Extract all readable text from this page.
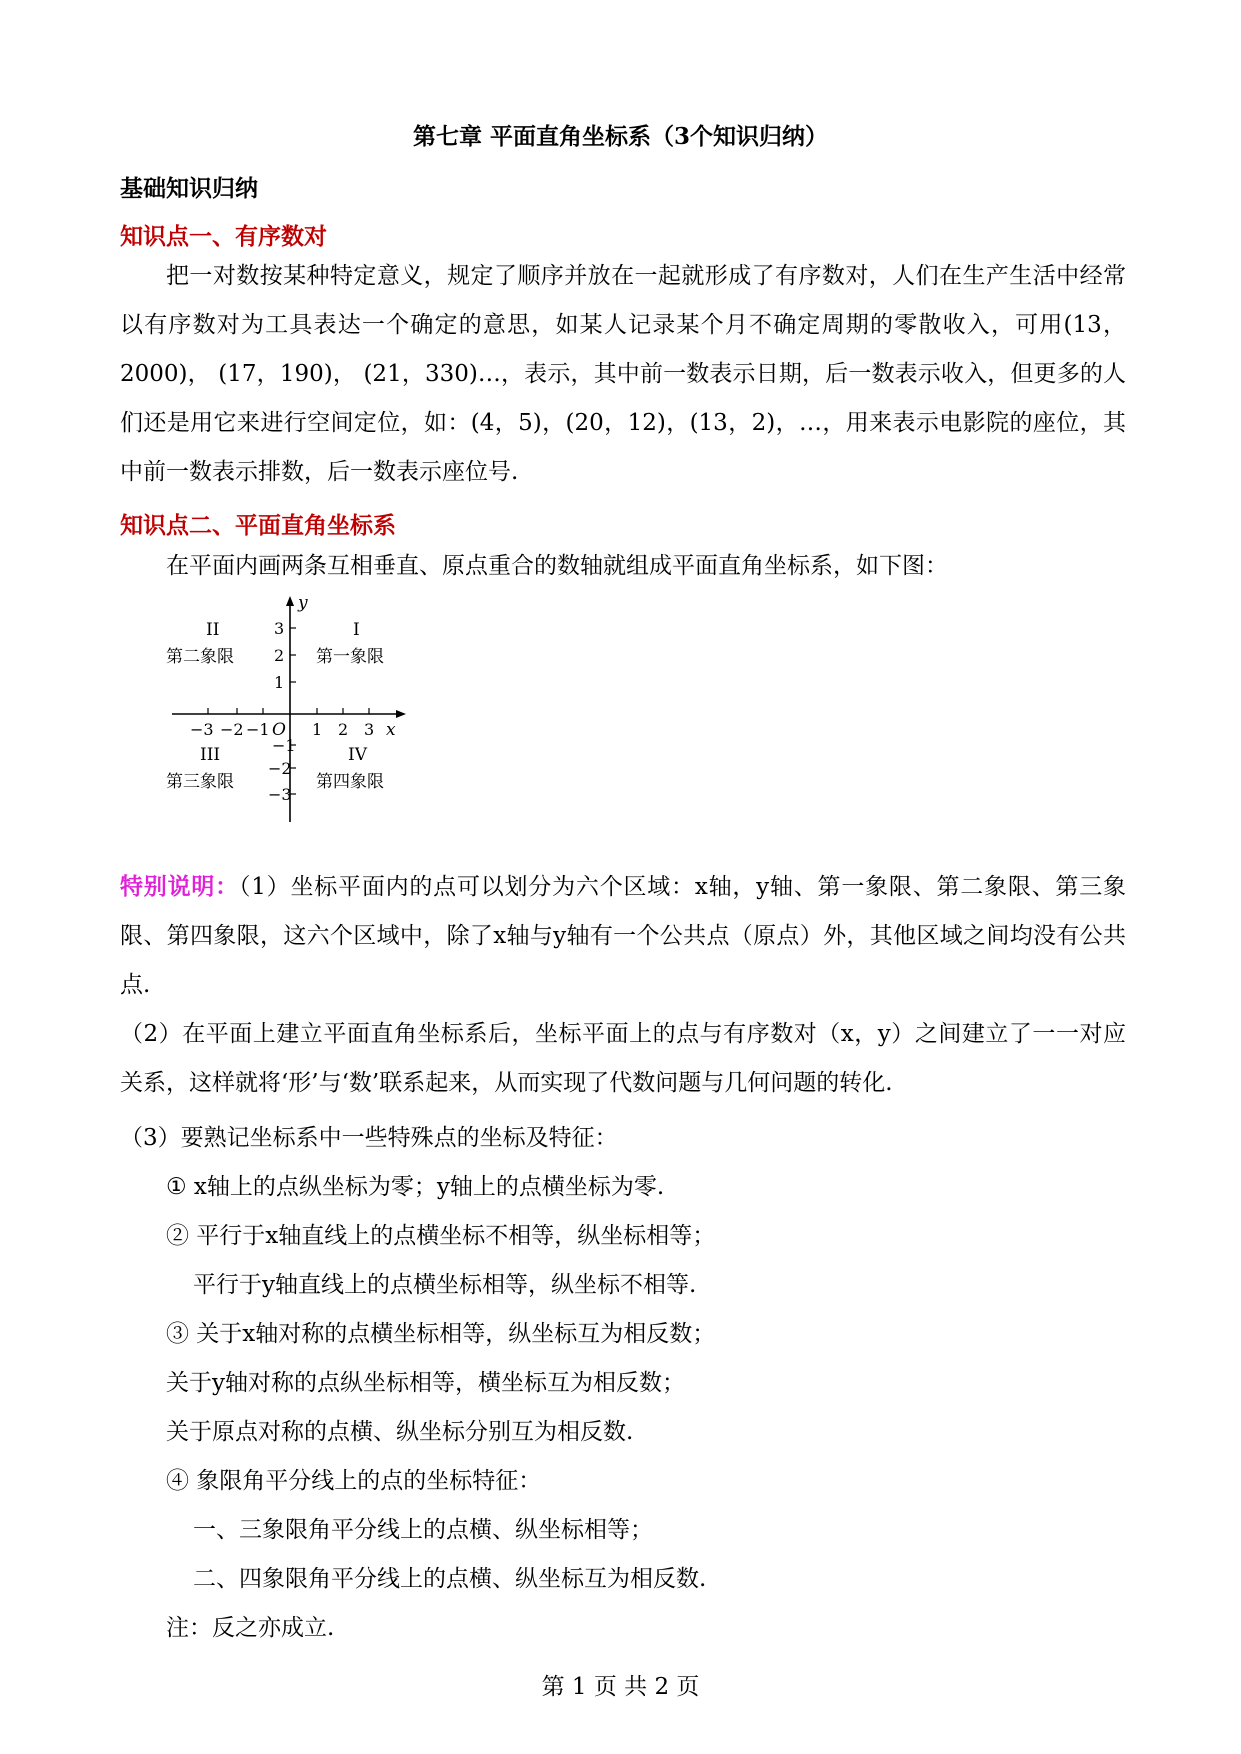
第七章 平面直角坐标系（3个知识归纳）
基础知识归纳
知识点一、有序数对

把一对数按某种特定意义，规定了顺序并放在一起就形成了有序数对，人们在生产生活中经常以有序数对为工具表达一个确定的意思，如某人记录某个月不确定周期的零散收入，可用(13，2000)， (17，190)， (21，330)…，表示，其中前一数表示日期，后一数表示收入，但更多的人们还是用它来进行空间定位，如：(4，5)，(20，12)，(13，2)，…，用来表示电影院的座位，其中前一数表示排数，后一数表示座位号.

知识点二、平面直角坐标系

在平面内画两条互相垂直、原点重合的数轴就组成平面直角坐标系，如下图：

y
x
O 1 2 3
−3 −2 −1
3
2
1
−1
−2
−3
II
第二象限
I
第一象限
III
第三象限
IV
第四象限

特别说明：（1）坐标平面内的点可以划分为六个区域：x轴，y轴、第一象限、第二象限、第三象限、第四象限，这六个区域中，除了x轴与y轴有一个公共点（原点）外，其他区域之间均没有公共点.

（2）在平面上建立平面直角坐标系后，坐标平面上的点与有序数对（x，y）之间建立了一一对应关系，这样就将‘形’与‘数’联系起来，从而实现了代数问题与几何问题的转化.

（3）要熟记坐标系中一些特殊点的坐标及特征：
① x轴上的点纵坐标为零；y轴上的点横坐标为零.
② 平行于x轴直线上的点横坐标不相等，纵坐标相等；
平行于y轴直线上的点横坐标相等，纵坐标不相等.
③ 关于x轴对称的点横坐标相等，纵坐标互为相反数；
关于y轴对称的点纵坐标相等，横坐标互为相反数；
关于原点对称的点横、纵坐标分别互为相反数.
④ 象限角平分线上的点的坐标特征：
一、三象限角平分线上的点横、纵坐标相等；
二、四象限角平分线上的点横、纵坐标互为相反数.
注：反之亦成立.
第 1 页 共 2 页
